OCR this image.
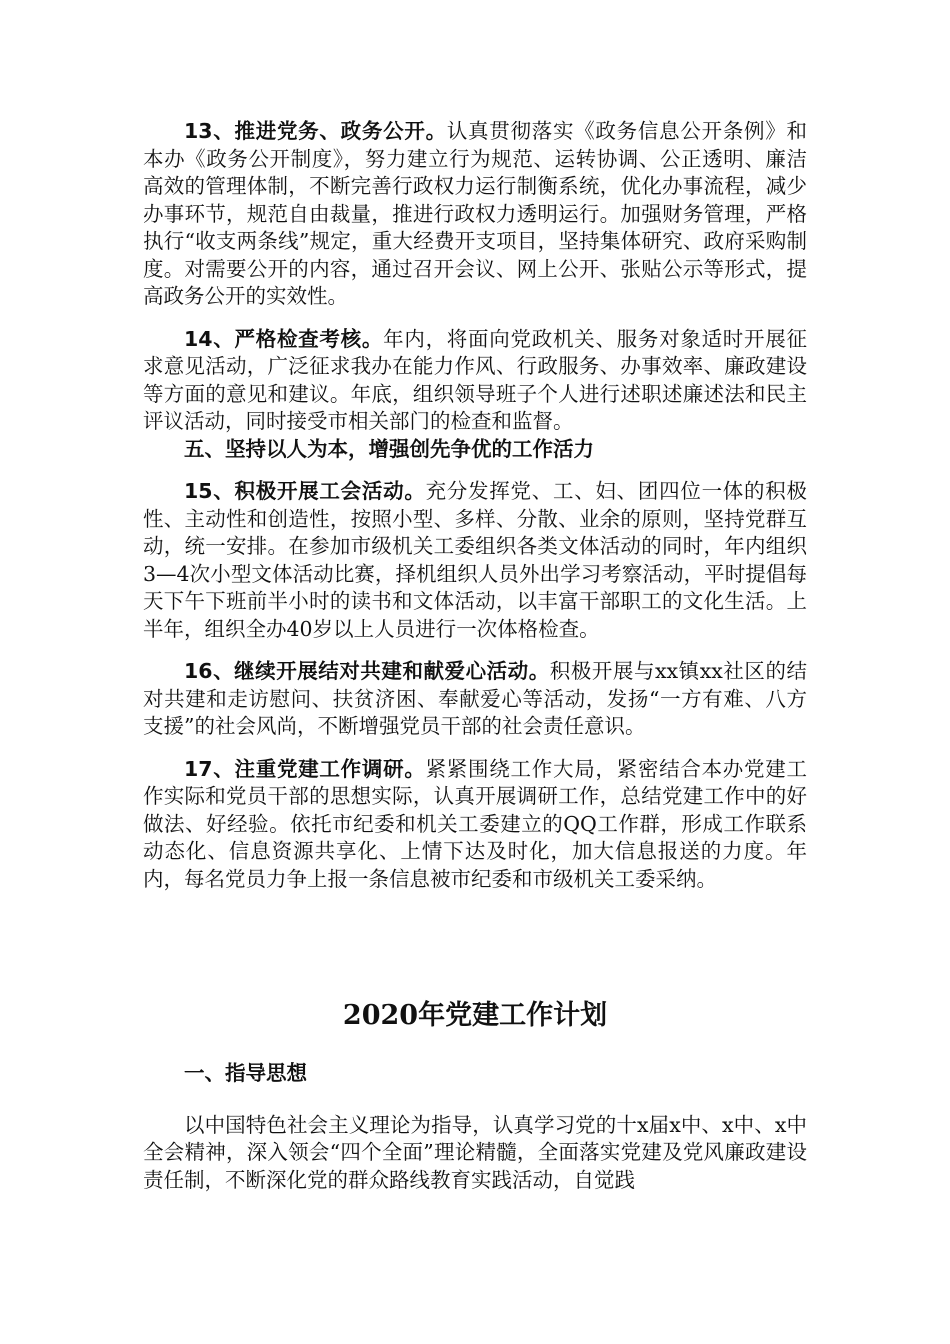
13、推进党务、政务公开。认真贯彻落实《政务信息公开条例》和本办《政务公开制度》，努力建立行为规范、运转协调、公正透明、廉洁高效的管理体制，不断完善行政权力运行制衡系统，优化办事流程，减少办事环节，规范自由裁量，推进行政权力透明运行。加强财务管理，严格执行“收支两条线”规定，重大经费开支项目，坚持集体研究、政府采购制度。对需要公开的内容，通过召开会议、网上公开、张贴公示等形式，提高政务公开的实效性。

14、严格检查考核。年内，将面向党政机关、服务对象适时开展征求意见活动，广泛征求我办在能力作风、行政服务、办事效率、廉政建设等方面的意见和建议。年底，组织领导班子个人进行述职述廉述法和民主评议活动，同时接受市相关部门的检查和监督。

五、坚持以人为本，增强创先争优的工作活力

15、积极开展工会活动。充分发挥党、工、妇、团四位一体的积极性、主动性和创造性，按照小型、多样、分散、业余的原则，坚持党群互动，统一安排。在参加市级机关工委组织各类文体活动的同时，年内组织3—4次小型文体活动比赛，择机组织人员外出学习考察活动，平时提倡每天下午下班前半小时的读书和文体活动，以丰富干部职工的文化生活。上半年，组织全办40岁以上人员进行一次体格检查。

16、继续开展结对共建和献爱心活动。积极开展与xx镇xx社区的结对共建和走访慰问、扶贫济困、奉献爱心等活动，发扬“一方有难、八方支援”的社会风尚，不断增强党员干部的社会责任意识。

17、注重党建工作调研。紧紧围绕工作大局，紧密结合本办党建工作实际和党员干部的思想实际，认真开展调研工作，总结党建工作中的好做法、好经验。依托市纪委和机关工委建立的QQ工作群，形成工作联系动态化、信息资源共享化、上情下达及时化，加大信息报送的力度。年内，每名党员力争上报一条信息被市纪委和市级机关工委采纳。

2020年党建工作计划

一、指导思想

以中国特色社会主义理论为指导，认真学习党的十x届x中、x中、x中全会精神，深入领会“四个全面”理论精髓，全面落实党建及党风廉政建设责任制，不断深化党的群众路线教育实践活动，自觉践
